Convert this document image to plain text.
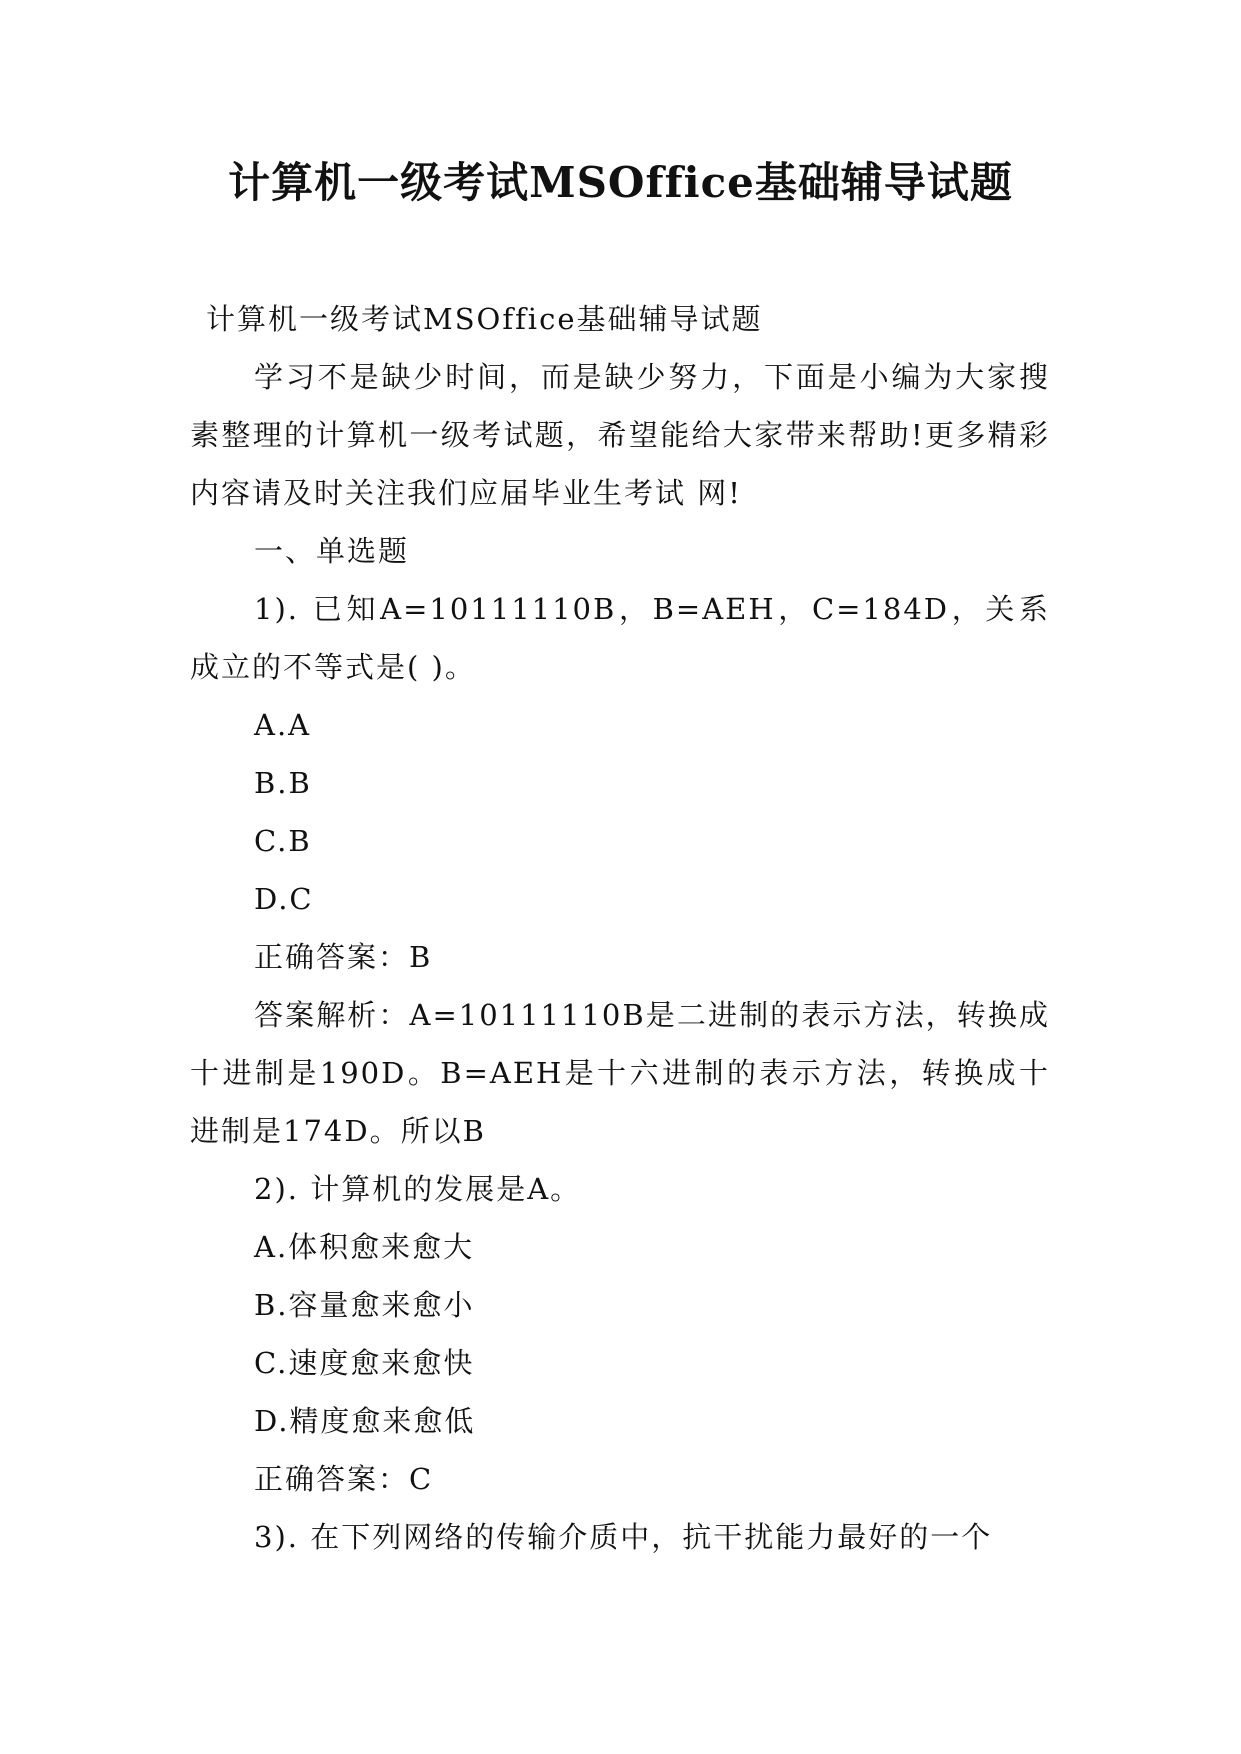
计算机一级考试MSOffice基础辅导试题

计算机一级考试MSOffice基础辅导试题

学习不是缺少时间，而是缺少努力，下面是小编为大家搜素整理的计算机一级考试题，希望能给大家带来帮助!更多精彩内容请及时关注我们应届毕业生考试 网!

一、单选题

1). 已知A=10111110B，B=AEH，C=184D，关系成立的不等式是( )。

A.A

B.B

C.B

D.C

正确答案：B

答案解析：A=10111110B是二进制的表示方法，转换成十进制是190D。B=AEH是十六进制的表示方法，转换成十进制是174D。所以B

2). 计算机的发展是A。

A.体积愈来愈大

B.容量愈来愈小

C.速度愈来愈快

D.精度愈来愈低

正确答案：C

3). 在下列网络的传输介质中，抗干扰能力最好的一个
